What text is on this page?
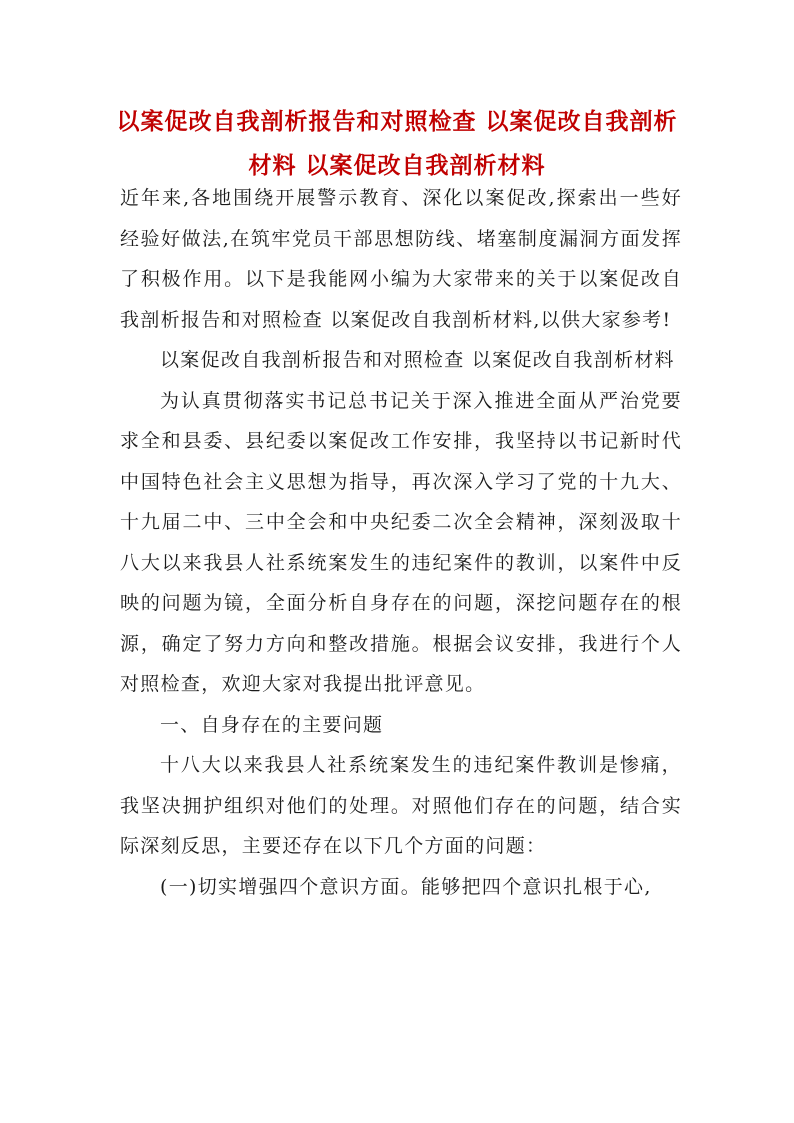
以案促改自我剖析报告和对照检查 以案促改自我剖析材料 以案促改自我剖析材料

近年来,各地围绕开展警示教育、深化以案促改,探索出一些好经验好做法,在筑牢党员干部思想防线、堵塞制度漏洞方面发挥了积极作用。以下是我能网小编为大家带来的关于以案促改自我剖析报告和对照检查 以案促改自我剖析材料,以供大家参考!

以案促改自我剖析报告和对照检查 以案促改自我剖析材料

为认真贯彻落实书记总书记关于深入推进全面从严治党要求全和县委、县纪委以案促改工作安排，我坚持以书记新时代中国特色社会主义思想为指导，再次深入学习了党的十九大、十九届二中、三中全会和中央纪委二次全会精神，深刻汲取十八大以来我县人社系统案发生的违纪案件的教训，以案件中反映的问题为镜，全面分析自身存在的问题，深挖问题存在的根源，确定了努力方向和整改措施。根据会议安排，我进行个人对照检查，欢迎大家对我提出批评意见。

一、自身存在的主要问题

十八大以来我县人社系统案发生的违纪案件教训是惨痛，我坚决拥护组织对他们的处理。对照他们存在的问题，结合实际深刻反思，主要还存在以下几个方面的问题：

(一)切实增强四个意识方面。能够把四个意识扎根于心,
